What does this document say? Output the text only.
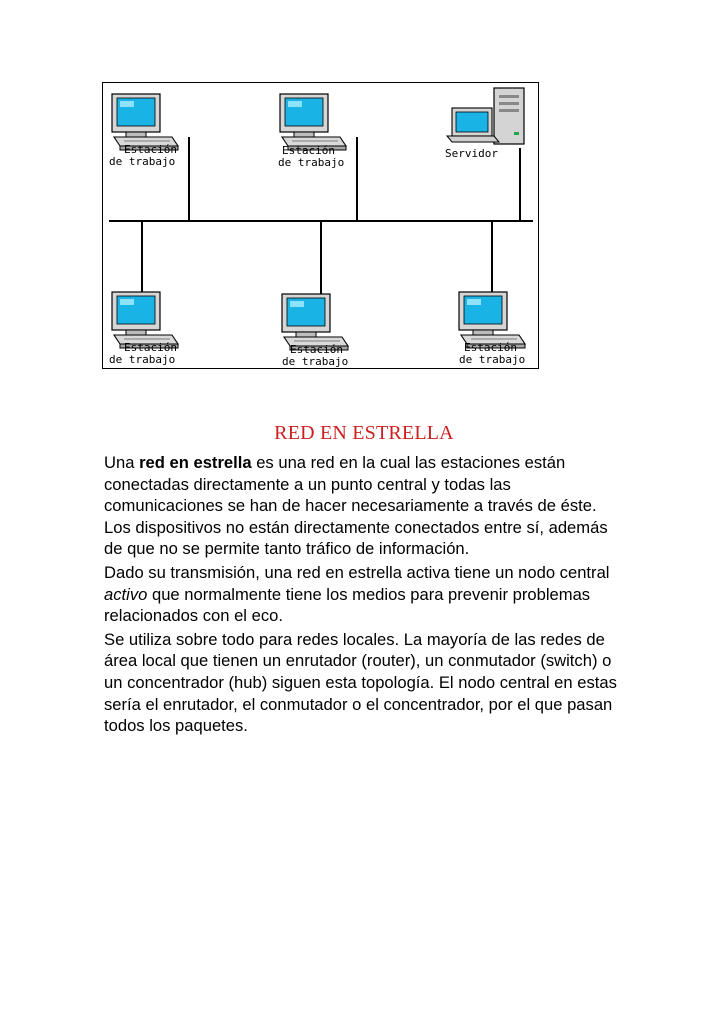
Estación
de trabajo
Estación
de trabajo
Servidor
Estación
de trabajo
Estación
de trabajo
Estación
de trabajo
RED EN ESTRELLA

Una red en estrella es una red en la cual las estaciones están conectadas directamente a un punto central y todas las comunicaciones se han de hacer necesariamente a través de éste. Los dispositivos no están directamente conectados entre sí, además de que no se permite tanto tráfico de información.

Dado su transmisión, una red en estrella activa tiene un nodo central activo que normalmente tiene los medios para prevenir problemas relacionados con el eco.

Se utiliza sobre todo para redes locales. La mayoría de las redes de área local que tienen un enrutador (router), un conmutador (switch) o un concentrador (hub) siguen esta topología. El nodo central en estas sería el enrutador, el conmutador o el concentrador, por el que pasan todos los paquetes.
